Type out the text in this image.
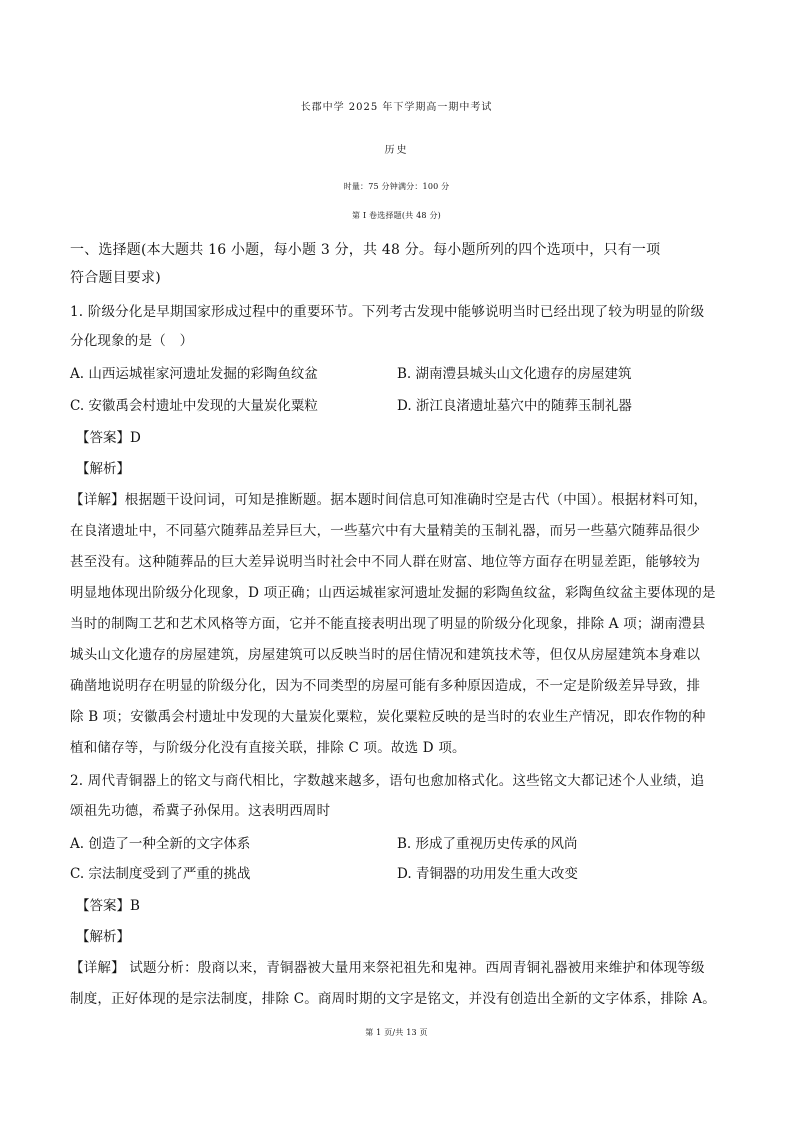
长郡中学 2025 年下学期高一期中考试
历史
时量：75 分钟满分：100 分
第 I 卷选择题(共 48 分)
一、选择题(本大题共 16 小题，每小题 3 分，共 48 分。每小题所列的四个选项中，只有一项
符合题目要求)
1. 阶级分化是早期国家形成过程中的重要环节。下列考古发现中能够说明当时已经出现了较为明显的阶级
分化现象的是（　）
A. 山西运城崔家河遗址发掘的彩陶鱼纹盆	B. 湖南澧县城头山文化遗存的房屋建筑
C. 安徽禹会村遗址中发现的大量炭化粟粒	D. 浙江良渚遗址墓穴中的随葬玉制礼器
【答案】D
【解析】
【详解】根据题干设问词，可知是推断题。据本题时间信息可知准确时空是古代（中国）。根据材料可知，
在良渚遗址中，不同墓穴随葬品差异巨大，一些墓穴中有大量精美的玉制礼器，而另一些墓穴随葬品很少
甚至没有。这种随葬品的巨大差异说明当时社会中不同人群在财富、地位等方面存在明显差距，能够较为
明显地体现出阶级分化现象，D 项正确；山西运城崔家河遗址发掘的彩陶鱼纹盆，彩陶鱼纹盆主要体现的是
当时的制陶工艺和艺术风格等方面，它并不能直接表明出现了明显的阶级分化现象，排除 A 项；湖南澧县
城头山文化遗存的房屋建筑，房屋建筑可以反映当时的居住情况和建筑技术等，但仅从房屋建筑本身难以
确凿地说明存在明显的阶级分化，因为不同类型的房屋可能有多种原因造成，不一定是阶级差异导致，排
除 B 项；安徽禹会村遗址中发现的大量炭化粟粒，炭化粟粒反映的是当时的农业生产情况，即农作物的种
植和储存等，与阶级分化没有直接关联，排除 C 项。故选 D 项。
2. 周代青铜器上的铭文与商代相比，字数越来越多，语句也愈加格式化。这些铭文大都记述个人业绩，追
颂祖先功德，希冀子孙保用。这表明西周时
A. 创造了一种全新的文字体系	B. 形成了重视历史传承的风尚
C. 宗法制度受到了严重的挑战	D. 青铜器的功用发生重大改变
【答案】B
【解析】
【详解】 试题分析：殷商以来，青铜器被大量用来祭祀祖先和鬼神。西周青铜礼器被用来维护和体现等级
制度，正好体现的是宗法制度，排除 C。商周时期的文字是铭文，并没有创造出全新的文字体系，排除 A。
第 1 页/共 13 页
